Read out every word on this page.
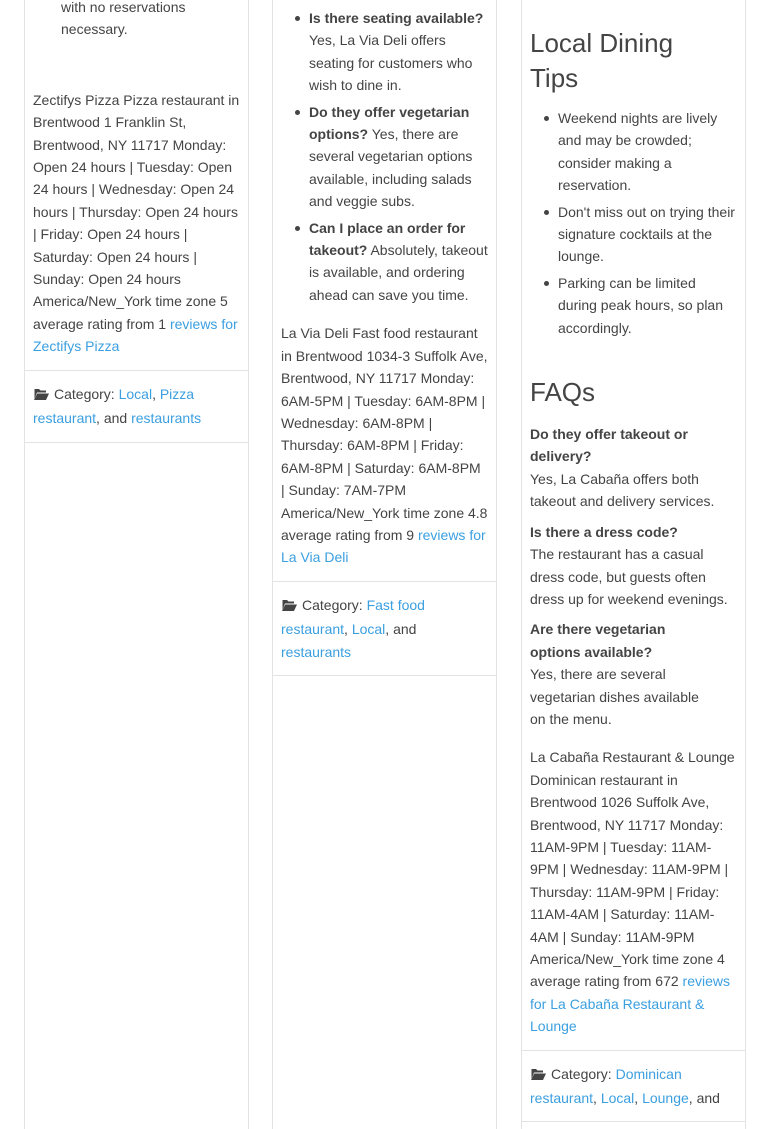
with no reservations necessary.

Zectifys Pizza Pizza restaurant in Brentwood 1 Franklin St, Brentwood, NY 11717 Monday: Open 24 hours | Tuesday: Open 24 hours | Wednesday: Open 24 hours | Thursday: Open 24 hours | Friday: Open 24 hours | Saturday: Open 24 hours | Sunday: Open 24 hours America/New_York time zone 5 average rating from 1 reviews for Zectifys Pizza

Category: Local, Pizza restaurant, and restaurants
Is there seating available?
Yes, La Via Deli offers seating for customers who wish to dine in.
Do they offer vegetarian options? Yes, there are several vegetarian options available, including salads and veggie subs.
Can I place an order for takeout? Absolutely, takeout is available, and ordering ahead can save you time.

La Via Deli Fast food restaurant in Brentwood 1034-3 Suffolk Ave, Brentwood, NY 11717 Monday: 6AM-5PM | Tuesday: 6AM-8PM | Wednesday: 6AM-8PM | Thursday: 6AM-8PM | Friday: 6AM-8PM | Saturday: 6AM-8PM | Sunday: 7AM-7PM America/New_York time zone 4.8 average rating from 9 reviews for La Via Deli

Category: Fast food restaurant, Local, and restaurants
Local Dining Tips
Weekend nights are lively and may be crowded; consider making a reservation.
Don't miss out on trying their signature cocktails at the lounge.
Parking can be limited during peak hours, so plan accordingly.
FAQs

Do they offer takeout or delivery?
Yes, La Cabaña offers both takeout and delivery services.

Is there a dress code?
The restaurant has a casual dress code, but guests often dress up for weekend evenings.

Are there vegetarian options available?
Yes, there are several vegetarian dishes available on the menu.

La Cabaña Restaurant & Lounge Dominican restaurant in Brentwood 1026 Suffolk Ave, Brentwood, NY 11717 Monday: 11AM-9PM | Tuesday: 11AM-9PM | Wednesday: 11AM-9PM | Thursday: 11AM-9PM | Friday: 11AM-4AM | Saturday: 11AM-4AM | Sunday: 11AM-9PM America/New_York time zone 4 average rating from 672 reviews for La Cabaña Restaurant & Lounge

Category: Dominican restaurant, Local, Lounge, and
